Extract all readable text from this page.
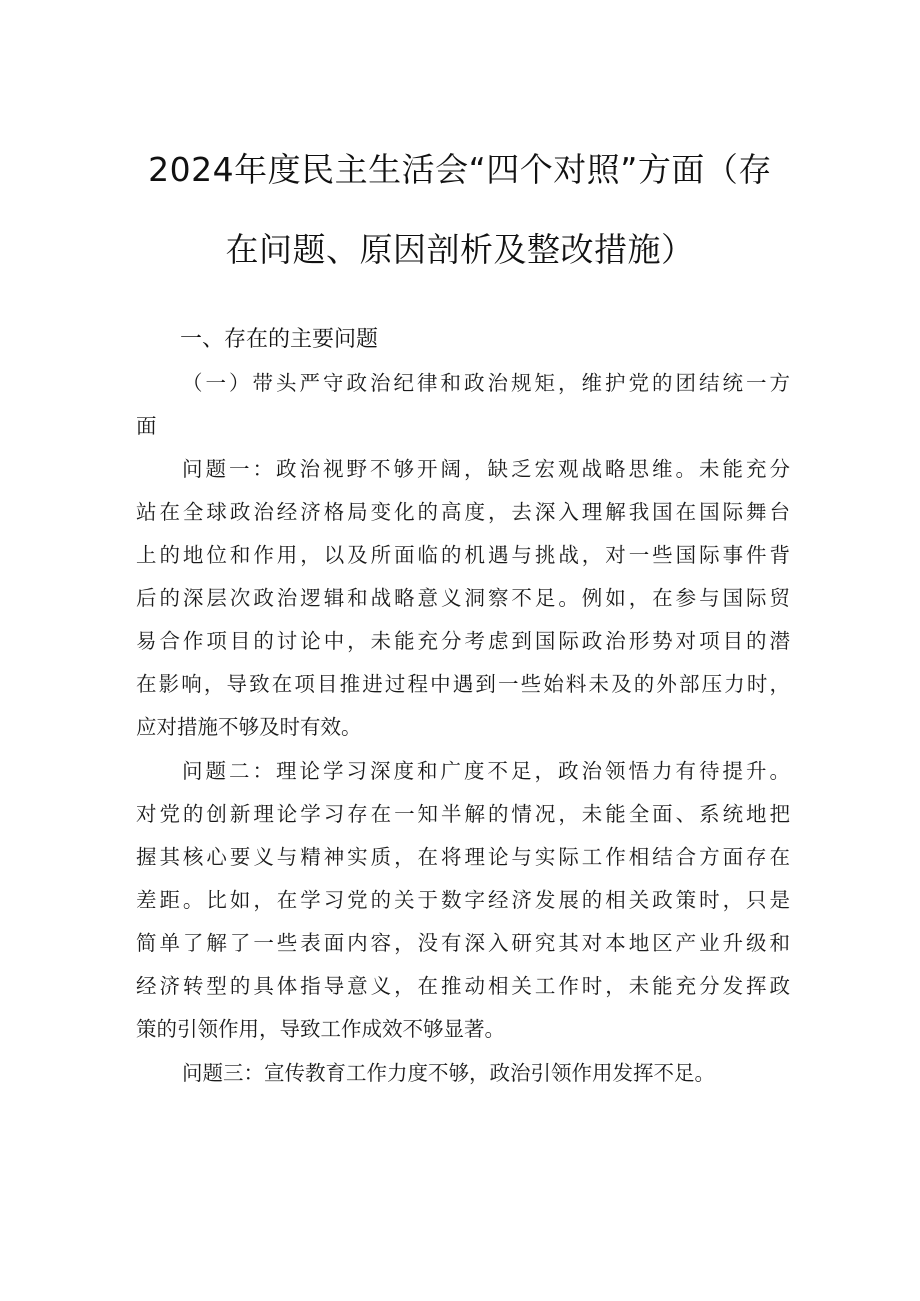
2024年度民主生活会“四个对照”方面（存
在问题、原因剖析及整改措施）
一、存在的主要问题
（一）带头严守政治纪律和政治规矩，维护党的团结统一方
面
问题一：政治视野不够开阔，缺乏宏观战略思维。未能充分
站在全球政治经济格局变化的高度，去深入理解我国在国际舞台
上的地位和作用，以及所面临的机遇与挑战，对一些国际事件背
后的深层次政治逻辑和战略意义洞察不足。例如，在参与国际贸
易合作项目的讨论中，未能充分考虑到国际政治形势对项目的潜
在影响，导致在项目推进过程中遇到一些始料未及的外部压力时，
应对措施不够及时有效。
问题二：理论学习深度和广度不足，政治领悟力有待提升。
对党的创新理论学习存在一知半解的情况，未能全面、系统地把
握其核心要义与精神实质，在将理论与实际工作相结合方面存在
差距。比如，在学习党的关于数字经济发展的相关政策时，只是
简单了解了一些表面内容，没有深入研究其对本地区产业升级和
经济转型的具体指导意义，在推动相关工作时，未能充分发挥政
策的引领作用，导致工作成效不够显著。
问题三：宣传教育工作力度不够，政治引领作用发挥不足。
